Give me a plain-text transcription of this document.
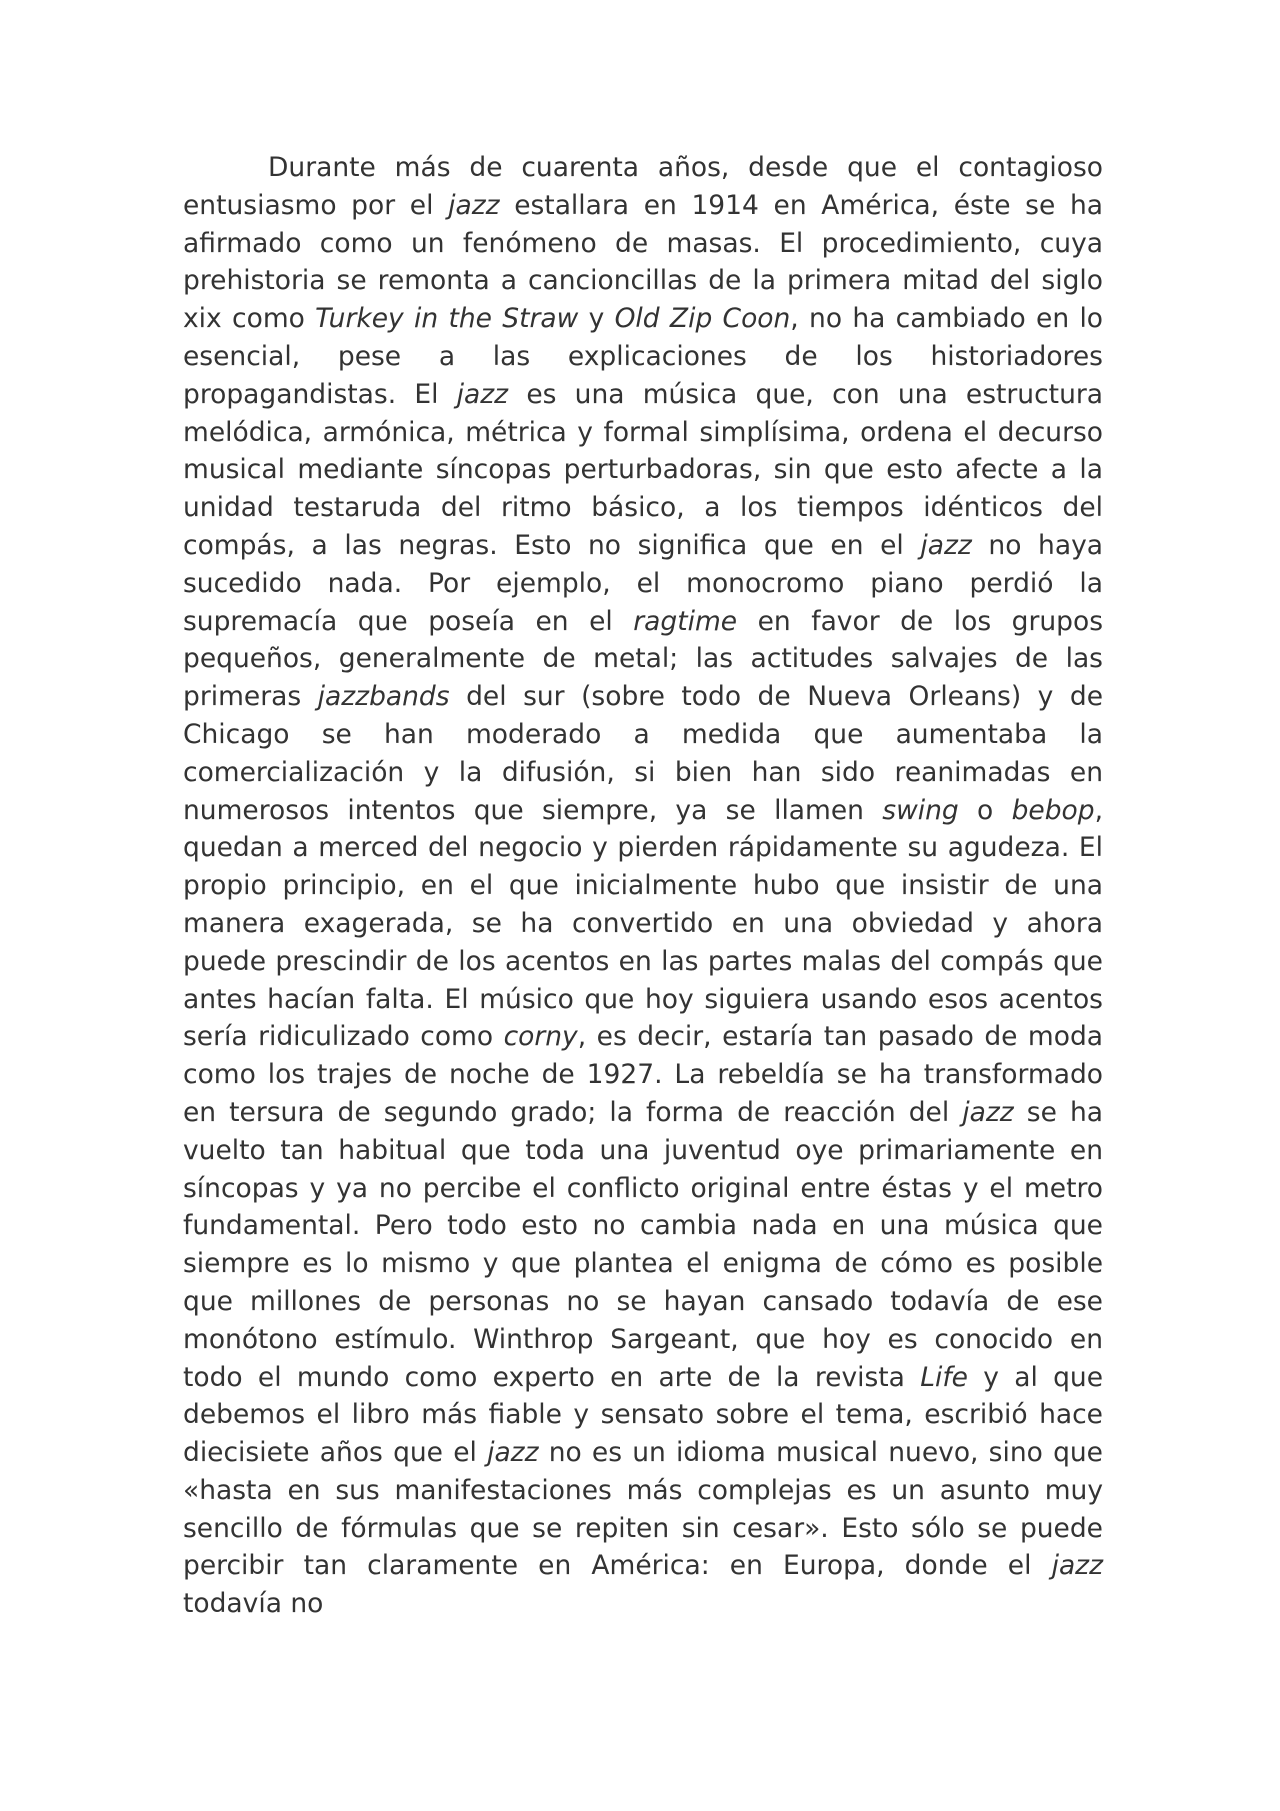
Durante más de cuarenta años, desde que el contagioso entusiasmo por el jazz estallara en 1914 en América, éste se ha afirmado como un fenómeno de masas. El procedimiento, cuya prehistoria se remonta a cancioncillas de la primera mitad del siglo xix como Turkey in the Straw y Old Zip Coon, no ha cambiado en lo esencial, pese a las explicaciones de los historiadores propagandistas. El jazz es una música que, con una estructura melódica, armónica, métrica y formal simplísima, ordena el decurso musical mediante síncopas perturbadoras, sin que esto afecte a la unidad testaruda del ritmo básico, a los tiempos idénticos del compás, a las negras. Esto no significa que en el jazz no haya sucedido nada. Por ejemplo, el monocromo piano perdió la supremacía que poseía en el ragtime en favor de los grupos pequeños, generalmente de metal; las actitudes salvajes de las primeras jazzbands del sur (sobre todo de Nueva Orleans) y de Chicago se han moderado a medida que aumentaba la comercialización y la difusión, si bien han sido reanimadas en numerosos intentos que siempre, ya se llamen swing o bebop, quedan a merced del negocio y pierden rápidamente su agudeza. El propio principio, en el que inicialmente hubo que insistir de una manera exagerada, se ha convertido en una obviedad y ahora puede prescindir de los acentos en las partes malas del compás que antes hacían falta. El músico que hoy siguiera usando esos acentos sería ridiculizado como corny, es decir, estaría tan pasado de moda como los trajes de noche de 1927. La rebeldía se ha transformado en tersura de segundo grado; la forma de reacción del jazz se ha vuelto tan habitual que toda una juventud oye primariamente en síncopas y ya no percibe el conflicto original entre éstas y el metro fundamental. Pero todo esto no cambia nada en una música que siempre es lo mismo y que plantea el enigma de cómo es posible que millones de personas no se hayan cansado todavía de ese monótono estímulo. Winthrop Sargeant, que hoy es conocido en todo el mundo como experto en arte de la revista Life y al que debemos el libro más fiable y sensato sobre el tema, escribió hace diecisiete años que el jazz no es un idioma musical nuevo, sino que «hasta en sus manifestaciones más complejas es un asunto muy sencillo de fórmulas que se repiten sin cesar». Esto sólo se puede percibir tan claramente en América: en Europa, donde el jazz todavía no
